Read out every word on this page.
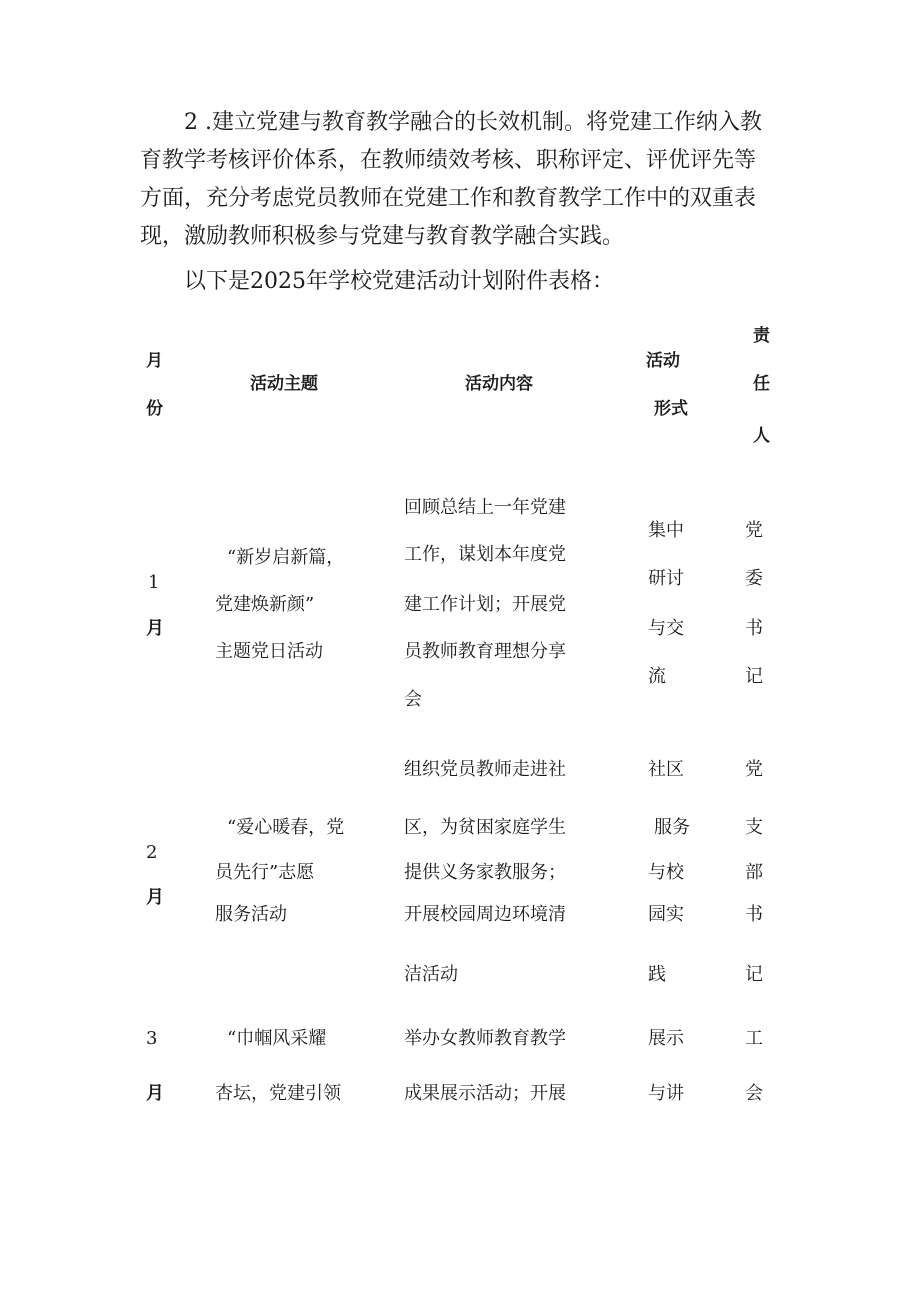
2 .建立党建与教育教学融合的长效机制。将党建工作纳入教
育教学考核评价体系，在教师绩效考核、职称评定、评优评先等
方面，充分考虑党员教师在党建工作和教育教学工作中的双重表
现，激励教师积极参与党建与教育教学融合实践。
以下是2025年学校党建活动计划附件表格：
月
份
活动主题	活动内容
活动
形式
责
任
人
1
月
“新岁启新篇，
党建焕新颜”
主题党日活动
回顾总结上一年党建
工作，谋划本年度党
建工作计划；开展党
员教师教育理想分享
会
集中
研讨
与交
流
党
委
书
记
2
月
“爱心暖春，党
员先行”志愿
服务活动
组织党员教师走进社
区，为贫困家庭学生
提供义务家教服务；
开展校园周边环境清
洁活动
社区
服务
与校
园实
践
党
支
部
书
记
3
月
“巾帼风采耀
杏坛，党建引领
举办女教师教育教学
成果展示活动；开展
展示
与讲
工
会
